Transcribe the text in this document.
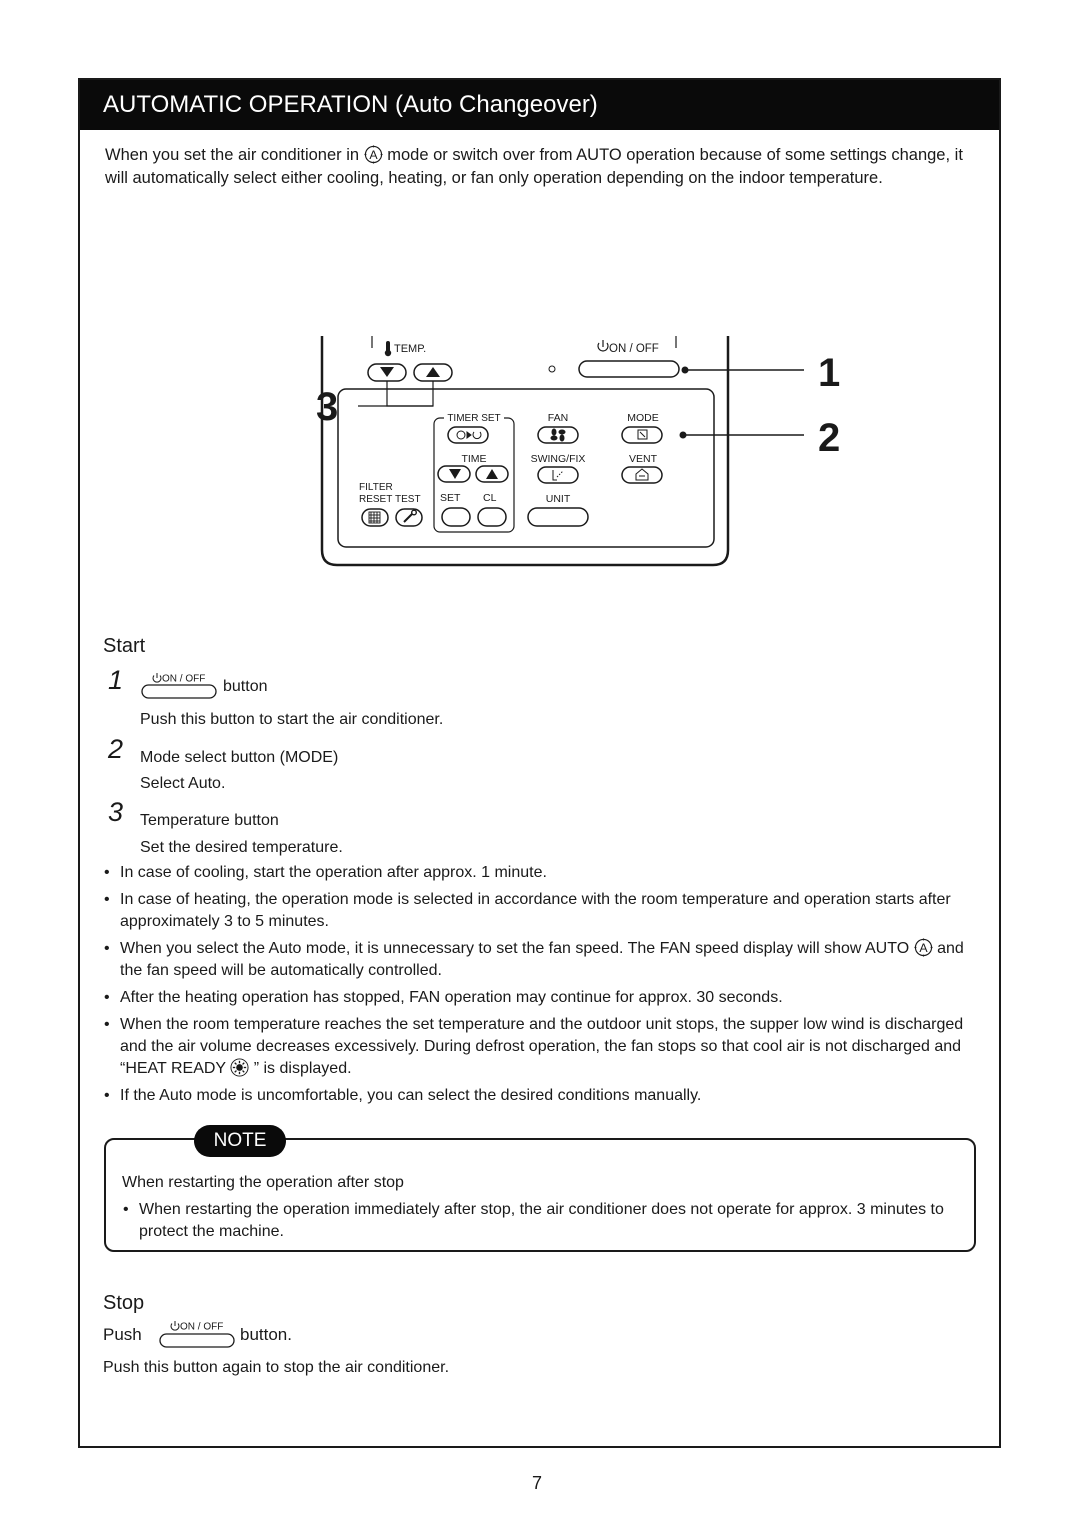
AUTOMATIC OPERATION (Auto Changeover)
When you set the air conditioner in A mode or switch over from AUTO operation because of some settings change, it will automatically select either cooling, heating, or fan only operation depending on the indoor temperature.
TEMP.	ON / OFF
1
2
3	TIMER SET
TIME
SET CL
FAN	MODE
SWING/FIX	VENT
UNIT
FILTER
RESET TEST
Start
1	ON / OFF button
Push this button to start the air conditioner.
2 Mode select button (MODE)
Select Auto.
3 Temperature button
Set the desired temperature.
• In case of cooling, start the operation after approx. 1 minute.
• In case of heating, the operation mode is selected in accordance with the room temperature and operation starts after approximately 3 to 5 minutes.
• When you select the Auto mode, it is unnecessary to set the fan speed. The FAN speed display will show AUTO A and the fan speed will be automatically controlled.
• After the heating operation has stopped, FAN operation may continue for approx. 30 seconds.
• When the room temperature reaches the set temperature and the outdoor unit stops, the supper low wind is discharged and the air volume decreases excessively. During defrost operation, the fan stops so that cool air is not discharged and “HEAT READY ” is displayed.
• If the Auto mode is uncomfortable, you can select the desired conditions manually.
NOTE
When restarting the operation after stop
• When restarting the operation immediately after stop, the air conditioner does not operate for approx. 3 minutes to protect the machine.
Stop
Push	ON / OFF button.
Push this button again to stop the air conditioner.
7
